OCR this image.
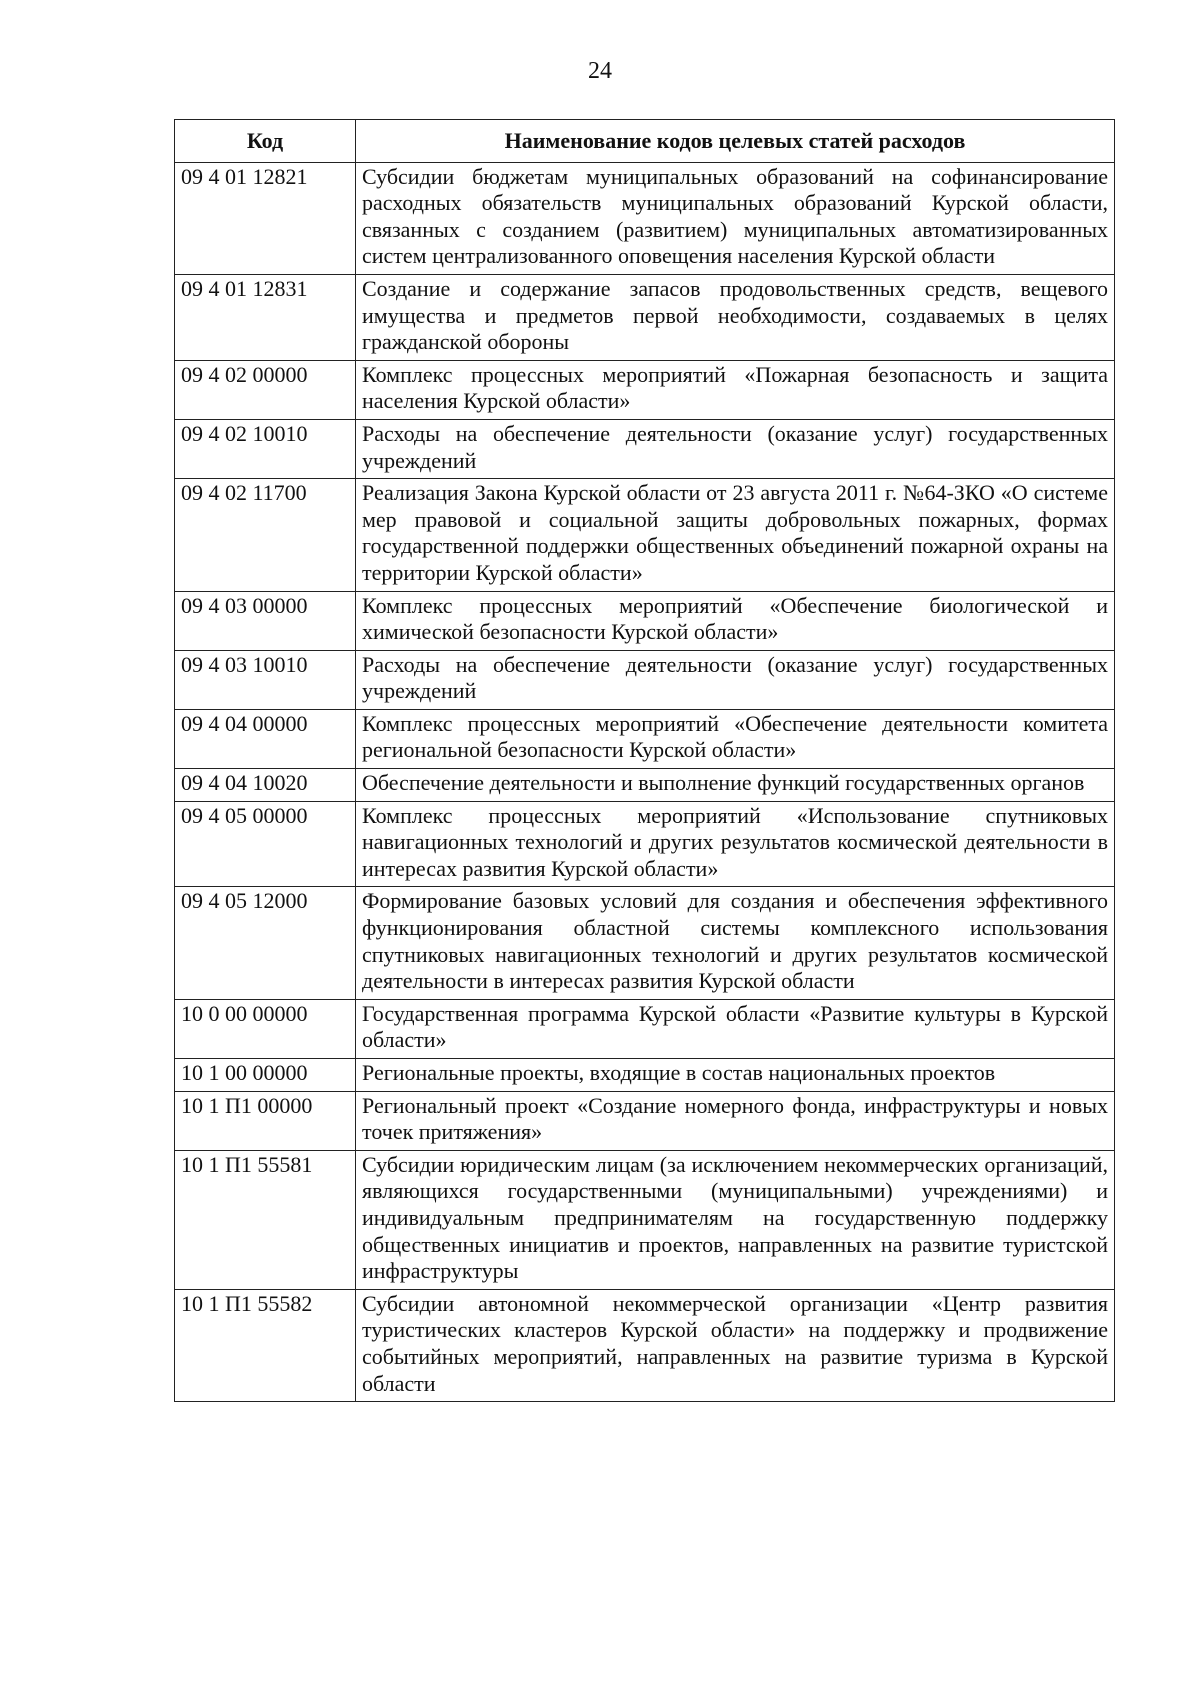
24
Код	Наименование кодов целевых статей расходов
09 4 01 12821	Субсидии бюджетам муниципальных образований на софинансирование расходных обязательств муниципальных образований Курской области, связанных с созданием (развитием) муниципальных автоматизированных систем централизованного оповещения населения Курской области
09 4 01 12831	Создание и содержание запасов продовольственных средств, вещевого имущества и предметов первой необходимости, создаваемых в целях гражданской обороны
09 4 02 00000	Комплекс процессных мероприятий «Пожарная безопасность и защита населения Курской области»
09 4 02 10010	Расходы на обеспечение деятельности (оказание услуг) государственных учреждений
09 4 02 11700	Реализация Закона Курской области от 23 августа 2011 г. №64-ЗКО «О системе мер правовой и социальной защиты добровольных пожарных, формах государственной поддержки общественных объединений пожарной охраны на территории Курской области»
09 4 03 00000	Комплекс процессных мероприятий «Обеспечение биологической и химической безопасности Курской области»
09 4 03 10010	Расходы на обеспечение деятельности (оказание услуг) государственных учреждений
09 4 04 00000	Комплекс процессных мероприятий «Обеспечение деятельности комитета региональной безопасности Курской области»
09 4 04 10020	Обеспечение деятельности и выполнение функций государственных органов
09 4 05 00000	Комплекс процессных мероприятий «Использование спутниковых навигационных технологий и других результатов космической деятельности в интересах развития Курской области»
09 4 05 12000	Формирование базовых условий для создания и обеспечения эффективного функционирования областной системы комплексного использования спутниковых навигационных технологий и других результатов космической деятельности в интересах развития Курской области
10 0 00 00000	Государственная программа Курской области «Развитие культуры в Курской области»
10 1 00 00000	Региональные проекты, входящие в состав национальных проектов
10 1 П1 00000	Региональный проект «Создание номерного фонда, инфраструктуры и новых точек притяжения»
10 1 П1 55581	Субсидии юридическим лицам (за исключением некоммерческих организаций, являющихся государственными (муниципальными) учреждениями) и индивидуальным предпринимателям на государственную поддержку общественных инициатив и проектов, направленных на развитие туристской инфраструктуры
10 1 П1 55582	Субсидии автономной некоммерческой организации «Центр развития туристических кластеров Курской области» на поддержку и продвижение событийных мероприятий, направленных на развитие туризма в Курской области
